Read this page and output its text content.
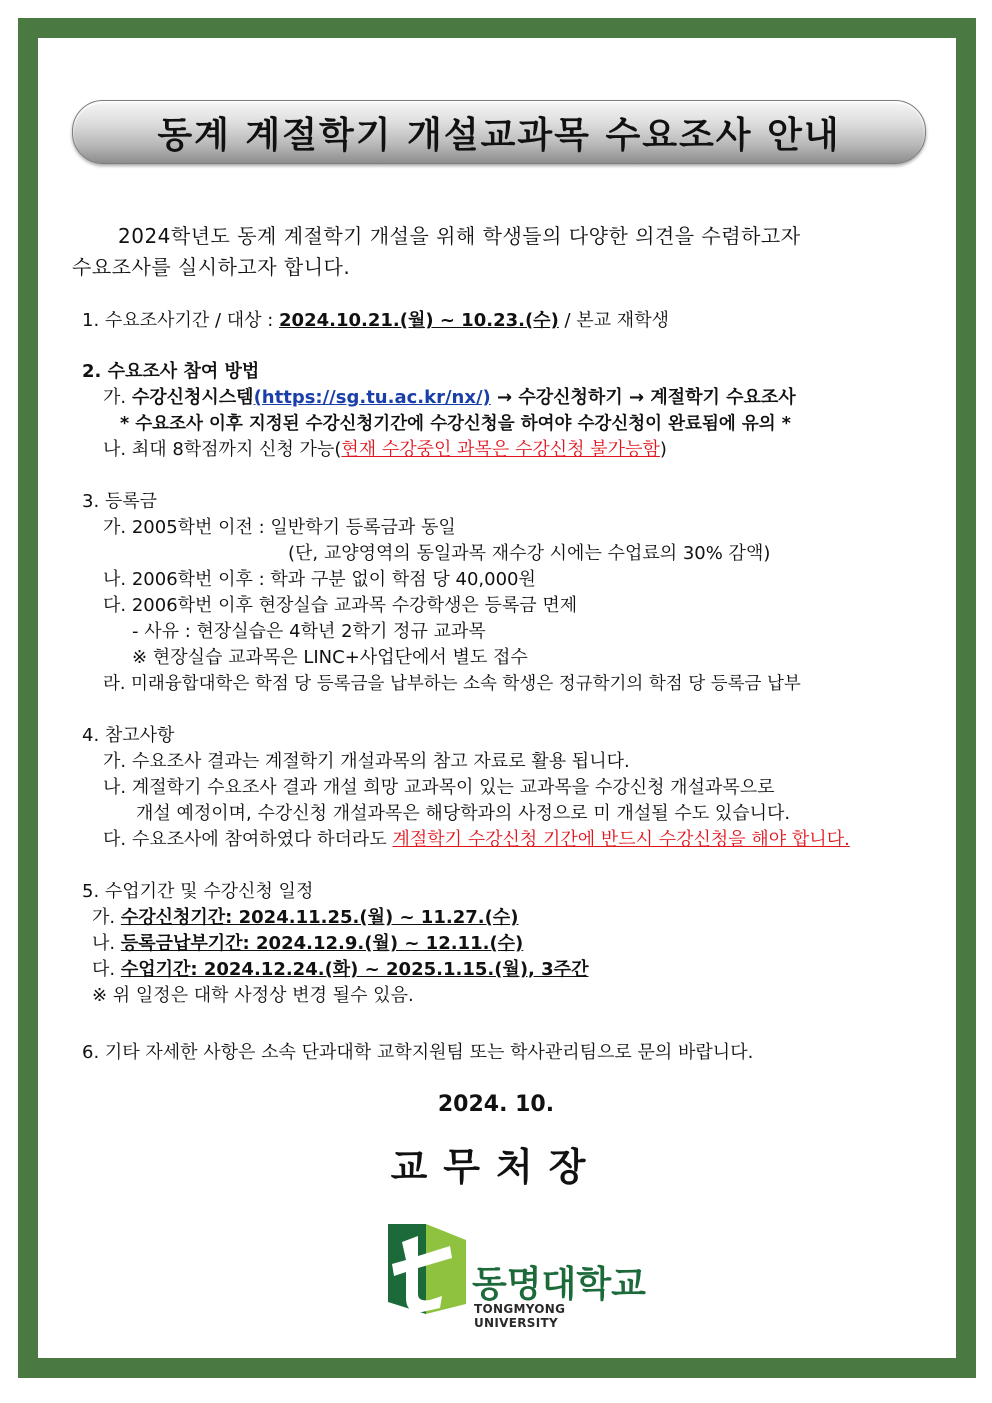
동계 계절학기 개설교과목 수요조사 안내
2024학년도 동계 계절학기 개설을 위해 학생들의 다양한 의견을 수렴하고자
수요조사를 실시하고자 합니다.
1. 수요조사기간 / 대상 : 2024.10.21.(월) ~ 10.23.(수) / 본교 재학생
2. 수요조사 참여 방법
가. 수강신청시스템(https://sg.tu.ac.kr/nx/) → 수강신청하기 → 계절학기 수요조사
* 수요조사 이후 지정된 수강신청기간에 수강신청을 하여야 수강신청이 완료됨에 유의 *
나. 최대 8학점까지 신청 가능(현재 수강중인 과목은 수강신청 불가능함)
3. 등록금
가. 2005학번 이전 : 일반학기 등록금과 동일
(단, 교양영역의 동일과목 재수강 시에는 수업료의 30% 감액)
나. 2006학번 이후 : 학과 구분 없이 학점 당 40,000원
다. 2006학번 이후 현장실습 교과목 수강학생은 등록금 면제
- 사유 : 현장실습은 4학년 2학기 정규 교과목
※ 현장실습 교과목은 LINC+사업단에서 별도 접수
라. 미래융합대학은 학점 당 등록금을 납부하는 소속 학생은 정규학기의 학점 당 등록금 납부
4. 참고사항
가. 수요조사 결과는 계절학기 개설과목의 참고 자료로 활용 됩니다.
나. 계절학기 수요조사 결과 개설 희망 교과목이 있는 교과목을 수강신청 개설과목으로
개설 예정이며, 수강신청 개설과목은 해당학과의 사정으로 미 개설될 수도 있습니다.
다. 수요조사에 참여하였다 하더라도 계절학기 수강신청 기간에 반드시 수강신청을 해야 합니다.
5. 수업기간 및 수강신청 일정
가. 수강신청기간: 2024.11.25.(월) ~ 11.27.(수)
나. 등록금납부기간: 2024.12.9.(월) ~ 12.11.(수)
다. 수업기간: 2024.12.24.(화) ~ 2025.1.15.(월), 3주간
※ 위 일정은 대학 사정상 변경 될수 있음.
6. 기타 자세한 사항은 소속 단과대학 교학지원팀 또는 학사관리팀으로 문의 바랍니다.
2024. 10.
교무처장
동명대학교
TONGMYONG UNIVERSITY
